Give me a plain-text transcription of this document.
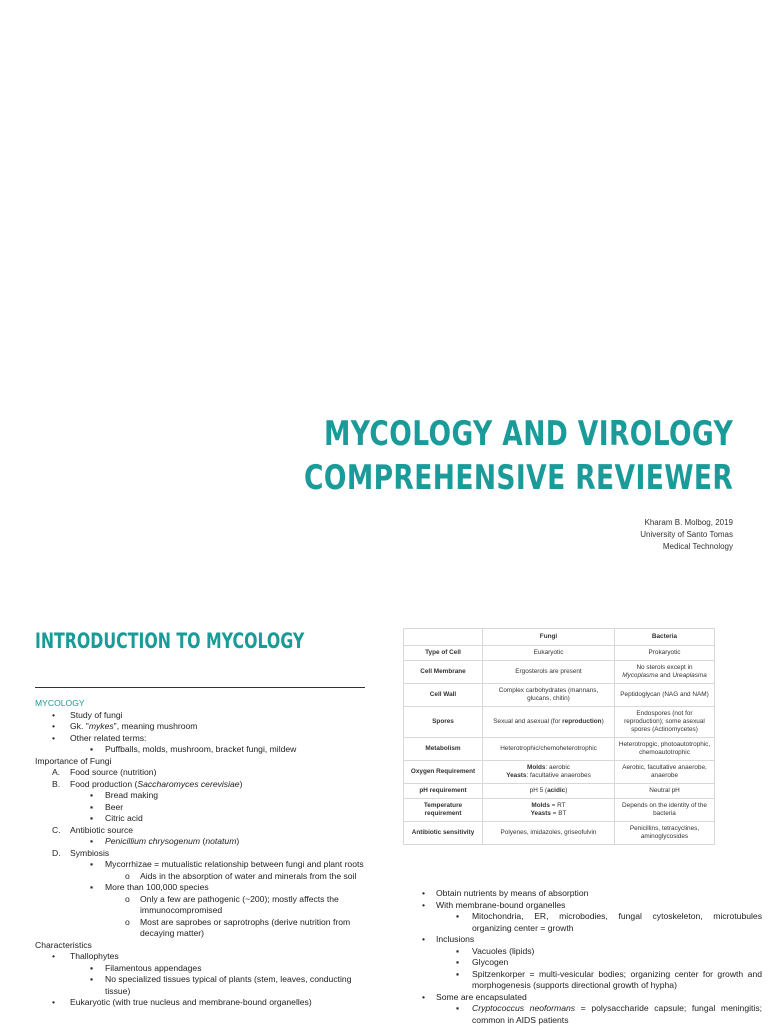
MYCOLOGY AND VIROLOGY
COMPREHENSIVE REVIEWER
Kharam B. Molbog, 2019
University of Santo Tomas
Medical Technology
INTRODUCTION TO MYCOLOGY
MYCOLOGY
• Study of fungi
• Gk. "mykes", meaning mushroom
• Other related terms:
▪ Puffballs, molds, mushroom, bracket fungi, mildew
Importance of Fungi
A. Food source (nutrition)
B. Food production (Saccharomyces cerevisiae)
▪ Bread making
▪ Beer
▪ Citric acid
C. Antibiotic source
▪ Penicillium chrysogenum (notatum)
D. Symbiosis
▪ Mycorrhizae = mutualistic relationship between fungi and plant roots
o Aids in the absorption of water and minerals from the soil
▪ More than 100,000 species
o Only a few are pathogenic (~200); mostly affects the immunocompromised
o Most are saprobes or saprotrophs (derive nutrition from decaying matter)
Characteristics
• Thallophytes
▪ Filamentous appendages
▪ No specialized tissues typical of plants (stem, leaves, conducting tissue)
• Eukaryotic (with true nucleus and membrane-bound organelles)
	Fungi	Bacteria
Type of Cell	Eukaryotic	Prokaryotic
Cell Membrane	Ergosterols are present	No sterols except in Mycoplasma and Ureaplasma
Cell Wall	Complex carbohydrates (mannans, glucans, chitin)	Peptidoglycan (NAG and NAM)
Spores	Sexual and asexual (for reproduction)	Endospores (not for reproduction); some asexual spores (Actinomycetes)
Metabolism	Heterotrophic/chemoheterotrophic	Heterotropgic, photoautotrophic, chemoautotrophic
Oxygen Requirement	Molds: aerobic
Yeasts: facultative anaerobes	Aerobic, facultative anaerobe, anaerobe
pH requirement	pH 5 (acidic)	Neutral pH
Temperature requirement	Molds = RT
Yeasts = BT	Depends on the identity of the bacteria
Antibiotic sensitivity	Polyenes, imidazoles, griseofulvin	Penicillins, tetracyclines, aminoglycosides
• Obtain nutrients by means of absorption
• With membrane-bound organelles
▪ Mitochondria, ER, microbodies, fungal cytoskeleton, microtubules organizing center = growth
• Inclusions
▪ Vacuoles (lipids)
▪ Glycogen
▪ Spitzenkorper = multi-vesicular bodies; organizing center for growth and morphogenesis (supports directional growth of hypha)
• Some are encapsulated
▪ Cryptococcus neoformans = polysaccharide capsule; fungal meningitis; common in AIDS patients
